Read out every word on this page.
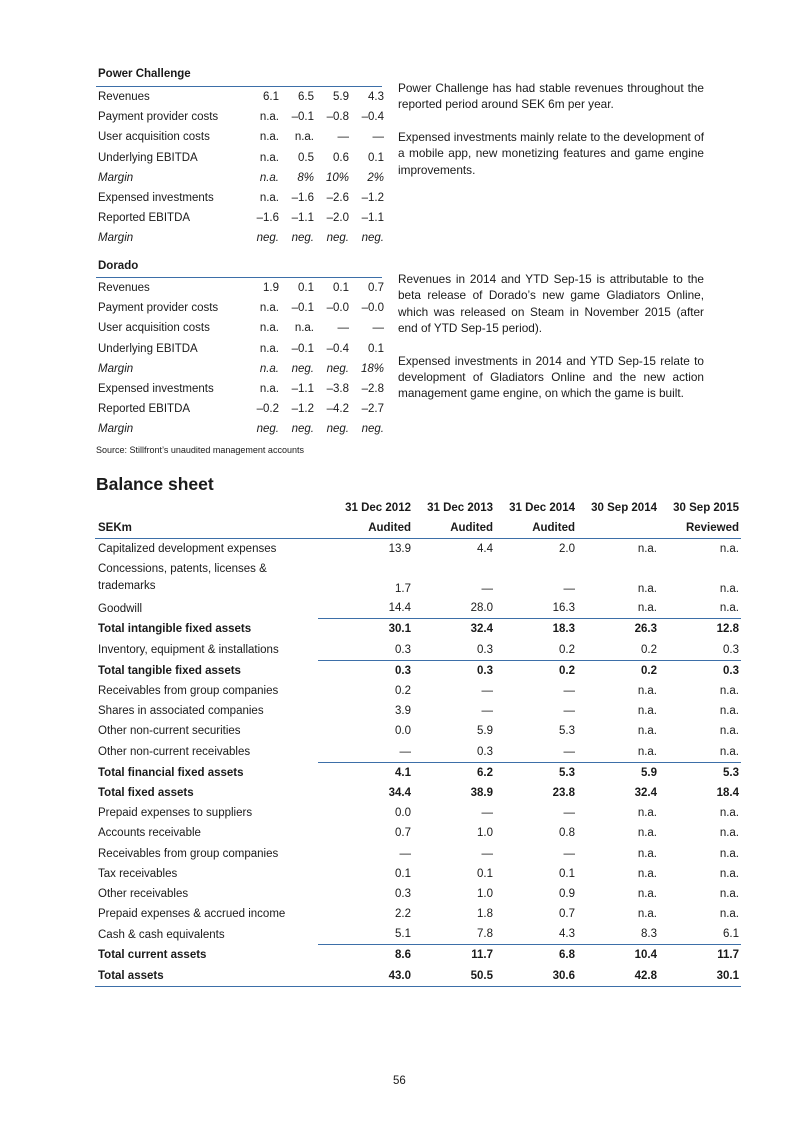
Power Challenge
Revenues	6.1	6.5	5.9	4.3
Payment provider costs	n.a.	–0.1	–0.8	–0.4
User acquisition costs	n.a.	n.a.	—	—
Underlying EBITDA	n.a.	0.5	0.6	0.1
Margin	n.a.	8%	10%	2%
Expensed investments	n.a.	–1.6	–2.6	–1.2
Reported EBITDA	–1.6	–1.1	–2.0	–1.1
Margin	neg.	neg.	neg.	neg.

Power Challenge has had stable revenues throughout the reported period around SEK 6m per year.

Expensed investments mainly relate to the development of a mobile app, new monetizing features and game engine improvements.

Dorado
Revenues	1.9	0.1	0.1	0.7
Payment provider costs	n.a.	–0.1	–0.0	–0.0
User acquisition costs	n.a.	n.a.	—	—
Underlying EBITDA	n.a.	–0.1	–0.4	0.1
Margin	n.a.	neg.	neg.	18%
Expensed investments	n.a.	–1.1	–3.8	–2.8
Reported EBITDA	–0.2	–1.2	–4.2	–2.7
Margin	neg.	neg.	neg.	neg.

Revenues in 2014 and YTD Sep-15 is attributable to the beta release of Dorado’s new game Gladiators Online, which was released on Steam in November 2015 (after end of YTD Sep-15 period).

Expensed investments in 2014 and YTD Sep-15 relate to development of Gladiators Online and the new action management game engine, on which the game is built.

Source: Stillfront’s unaudited management accounts
Balance sheet
	31 Dec 2012	31 Dec 2013	31 Dec 2014	30 Sep 2014	30 Sep 2015
SEKm	Audited	Audited	Audited		Reviewed
Capitalized development expenses	13.9	4.4	2.0	n.a.	n.a.
Concessions, patents, licenses & trademarks	1.7	—	—	n.a.	n.a.
Goodwill	14.4	28.0	16.3	n.a.	n.a.
Total intangible fixed assets	30.1	32.4	18.3	26.3	12.8
Inventory, equipment & installations	0.3	0.3	0.2	0.2	0.3
Total tangible fixed assets	0.3	0.3	0.2	0.2	0.3
Receivables from group companies	0.2	—	—	n.a.	n.a.
Shares in associated companies	3.9	—	—	n.a.	n.a.
Other non-current securities	0.0	5.9	5.3	n.a.	n.a.
Other non-current receivables	—	0.3	—	n.a.	n.a.
Total financial fixed assets	4.1	6.2	5.3	5.9	5.3
Total fixed assets	34.4	38.9	23.8	32.4	18.4
Prepaid expenses to suppliers	0.0	—	—	n.a.	n.a.
Accounts receivable	0.7	1.0	0.8	n.a.	n.a.
Receivables from group companies	—	—	—	n.a.	n.a.
Tax receivables	0.1	0.1	0.1	n.a.	n.a.
Other receivables	0.3	1.0	0.9	n.a.	n.a.
Prepaid expenses & accrued income	2.2	1.8	0.7	n.a.	n.a.
Cash & cash equivalents	5.1	7.8	4.3	8.3	6.1
Total current assets	8.6	11.7	6.8	10.4	11.7
Total assets	43.0	50.5	30.6	42.8	30.1
56
